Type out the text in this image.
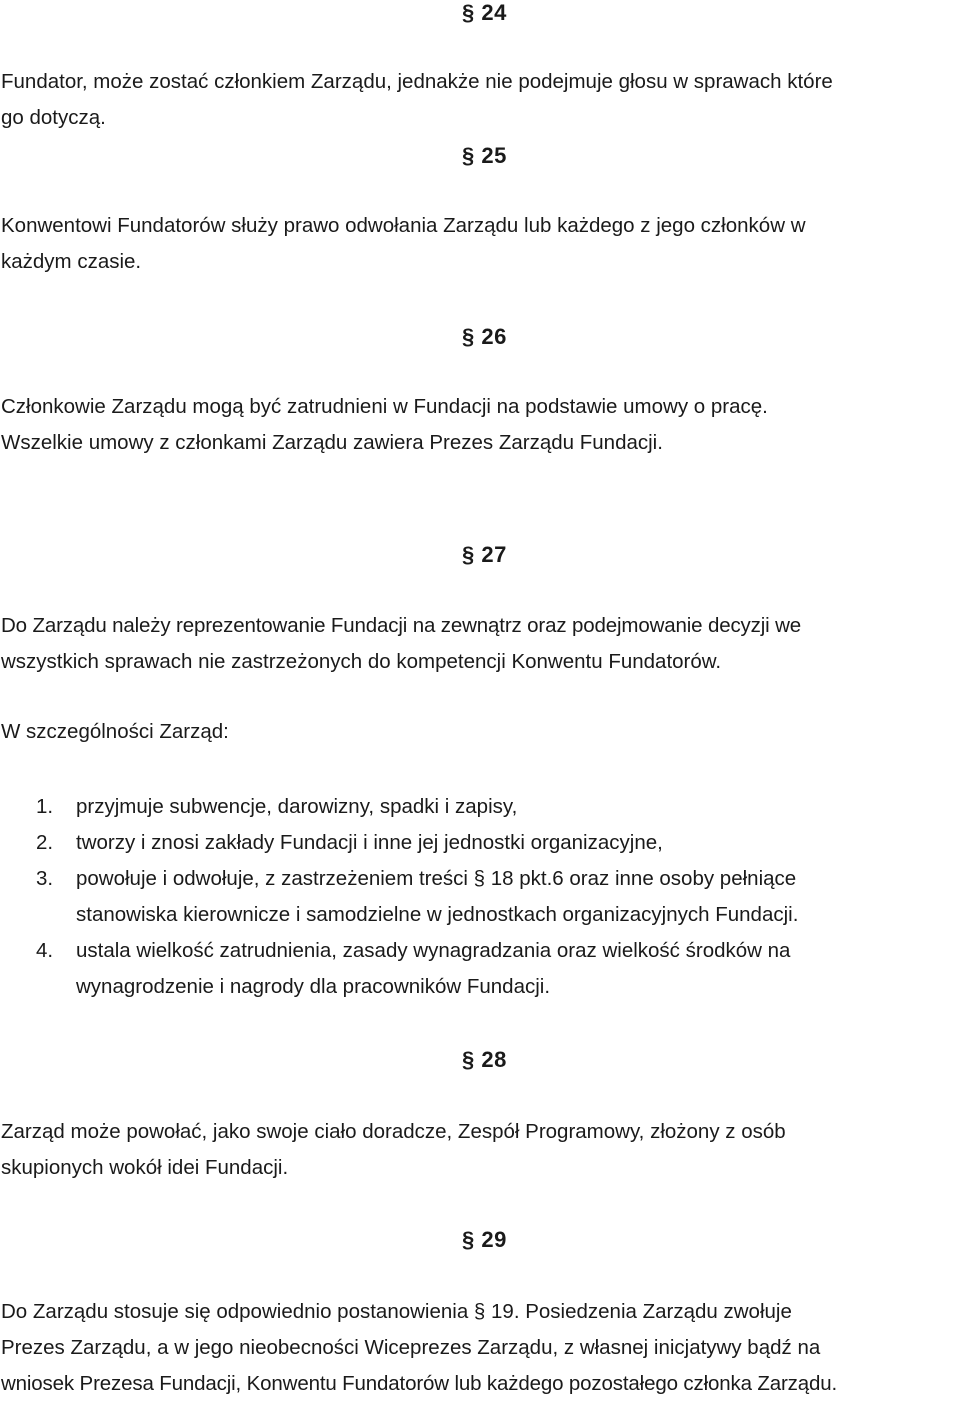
§ 24
Fundator, może zostać członkiem Zarządu, jednakże nie podejmuje głosu w sprawach które
go dotyczą.
§ 25
Konwentowi Fundatorów służy prawo odwołania Zarządu lub każdego z jego członków w
każdym czasie.
§ 26
Członkowie Zarządu mogą być zatrudnieni w Fundacji na podstawie umowy o pracę.
Wszelkie umowy z członkami Zarządu zawiera Prezes Zarządu Fundacji.
§ 27
Do Zarządu należy reprezentowanie Fundacji na zewnątrz oraz podejmowanie decyzji we
wszystkich sprawach nie zastrzeżonych do kompetencji Konwentu Fundatorów.
W szczególności Zarząd:
1. przyjmuje subwencje, darowizny, spadki i zapisy,
2. tworzy i znosi zakłady Fundacji i inne jej jednostki organizacyjne,
3. powołuje i odwołuje, z zastrzeżeniem treści § 18 pkt.6 oraz inne osoby pełniące
stanowiska kierownicze i samodzielne w jednostkach organizacyjnych Fundacji.
4. ustala wielkość zatrudnienia, zasady wynagradzania oraz wielkość środków na
wynagrodzenie i nagrody dla pracowników Fundacji.
§ 28
Zarząd może powołać, jako swoje ciało doradcze, Zespół Programowy, złożony z osób
skupionych wokół idei Fundacji.
§ 29
Do Zarządu stosuje się odpowiednio postanowienia § 19. Posiedzenia Zarządu zwołuje
Prezes Zarządu, a w jego nieobecności Wiceprezes Zarządu, z własnej inicjatywy bądź na
wniosek Prezesa Fundacji, Konwentu Fundatorów lub każdego pozostałego członka Zarządu.
